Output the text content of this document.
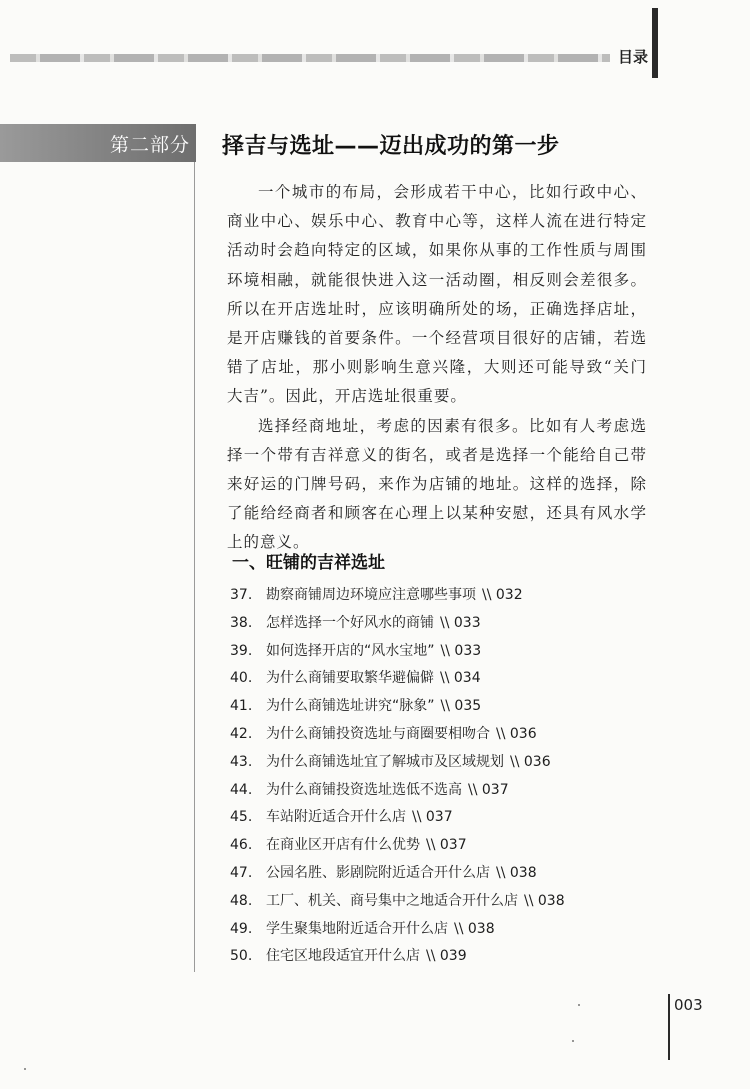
目录
第二部分 择吉与选址——迈出成功的第一步

一个城市的布局，会形成若干中心，比如行政中心、商业中心、娱乐中心、教育中心等，这样人流在进行特定活动时会趋向特定的区域，如果你从事的工作性质与周围环境相融，就能很快进入这一活动圈，相反则会差很多。所以在开店选址时，应该明确所处的场，正确选择店址，是开店赚钱的首要条件。一个经营项目很好的店铺，若选错了店址，那小则影响生意兴隆，大则还可能导致“关门大吉”。因此，开店选址很重要。

选择经商地址，考虑的因素有很多。比如有人考虑选择一个带有吉祥意义的街名，或者是选择一个能给自己带来好运的门牌号码，来作为店铺的地址。这样的选择，除了能给经商者和顾客在心理上以某种安慰，还具有风水学上的意义。

一、旺铺的吉祥选址
37. 勘察商铺周边环境应注意哪些事项 \\ 032
38. 怎样选择一个好风水的商铺 \\ 033
39. 如何选择开店的“风水宝地” \\ 033
40. 为什么商铺要取繁华避偏僻 \\ 034
41. 为什么商铺选址讲究“脉象” \\ 035
42. 为什么商铺投资选址与商圈要相吻合 \\ 036
43. 为什么商铺选址宜了解城市及区域规划 \\ 036
44. 为什么商铺投资选址选低不选高 \\ 037
45. 车站附近适合开什么店 \\ 037
46. 在商业区开店有什么优势 \\ 037
47. 公园名胜、影剧院附近适合开什么店 \\ 038
48. 工厂、机关、商号集中之地适合开什么店 \\ 038
49. 学生聚集地附近适合开什么店 \\ 038
50. 住宅区地段适宜开什么店 \\ 039
003
